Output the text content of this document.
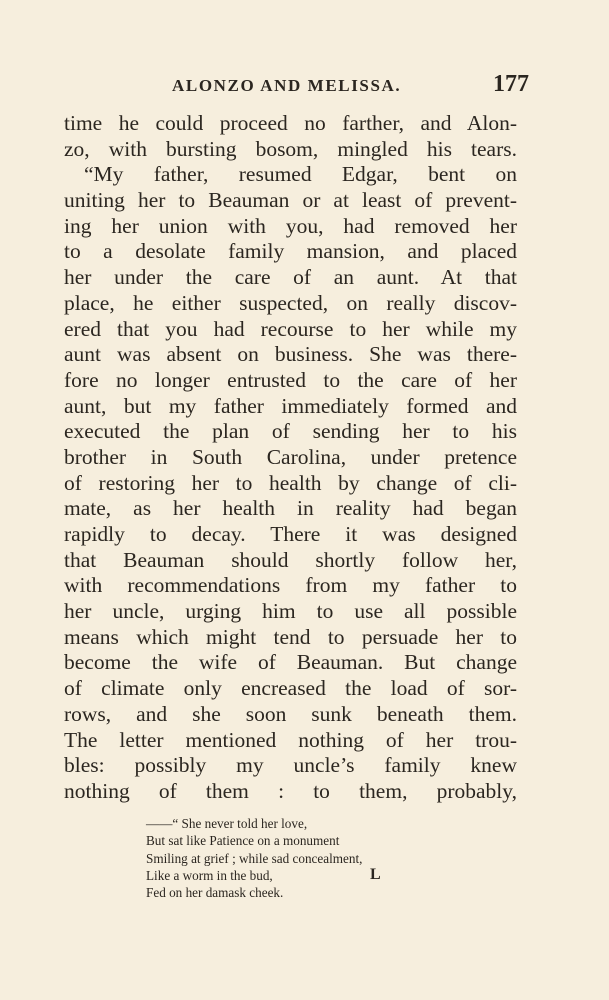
ALONZO AND MELISSA.	177
time he could proceed no farther, and Alon-
zo, with bursting bosom, mingled his tears.
“My father, resumed Edgar, bent on
uniting her to Beauman or at least of prevent-
ing her union with you, had removed her
to a desolate family mansion, and placed
her under the care of an aunt. At that
place, he either suspected, on really discov-
ered that you had recourse to her while my
aunt was absent on business. She was there-
fore no longer entrusted to the care of her
aunt, but my father immediately formed and
executed the plan of sending her to his
brother in South Carolina, under pretence
of restoring her to health by change of cli-
mate, as her health in reality had began
rapidly to decay. There it was designed
that Beauman should shortly follow her,
with recommendations from my father to
her uncle, urging him to use all possible
means which might tend to persuade her to
become the wife of Beauman. But change
of climate only encreased the load of sor-
rows, and she soon sunk beneath them.
The letter mentioned nothing of her trou-
bles: possibly my uncle’s family knew
nothing of them : to them, probably,
——“ She never told her love,
But sat like Patience on a monument
Smiling at grief ; while sad concealment,
Like a worm in the bud,
Fed on her damask cheek.
L
